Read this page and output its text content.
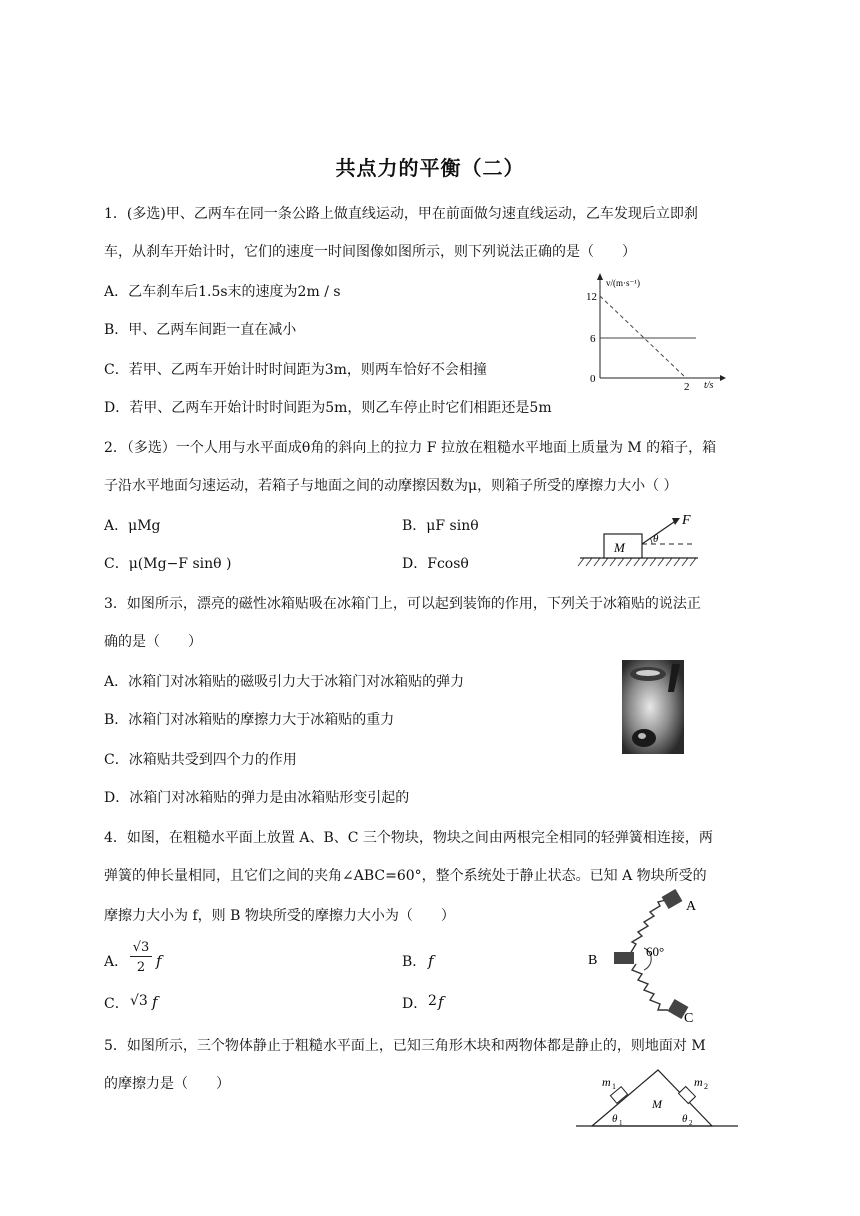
共点力的平衡（二）
1．(多选)甲、乙两车在同一条公路上做直线运动，甲在前面做匀速直线运动，乙车发现后立即刹
车，从刹车开始计时，它们的速度一时间图像如图所示，则下列说法正确的是（　　）
A．乙车刹车后1.5s末的速度为2m / s
B．甲、乙两车间距一直在减小
C．若甲、乙两车开始计时时间距为3m，则两车恰好不会相撞
D．若甲、乙两车开始计时时间距为5m，则乙车停止时它们相距还是5m
v/(m·s⁻¹)
12
6
0
2 t/s
2．（多选）一个人用与水平面成θ角的斜向上的拉力 F 拉放在粗糙水平地面上质量为 M 的箱子，箱
子沿水平地面匀速运动，若箱子与地面之间的动摩擦因数为μ，则箱子所受的摩擦力大小（ ）
A．μMg	B．μF sinθ
C．μ(Mg−F sinθ )	D．Fcosθ
M
F
θ
3．如图所示，漂亮的磁性冰箱贴吸在冰箱门上，可以起到装饰的作用，下列关于冰箱贴的说法正
确的是（　　）
A．冰箱门对冰箱贴的磁吸引力大于冰箱门对冰箱贴的弹力
B．冰箱门对冰箱贴的摩擦力大于冰箱贴的重力
C．冰箱贴共受到四个力的作用
D．冰箱门对冰箱贴的弹力是由冰箱贴形变引起的
4．如图，在粗糙水平面上放置 A、B、C 三个物块，物块之间由两根完全相同的轻弹簧相连接，两
弹簧的伸长量相同，且它们之间的夹角∠ABC=60°，整个系统处于静止状态。已知 A 物块所受的
摩擦力大小为 f，则 B 物块所受的摩擦力大小为（　　）
A．
√3
2 f	B． f
C． √3 f	D． 2 f
A
B
C
60°
5．如图所示，三个物体静止于粗糙水平面上，已知三角形木块和两物体都是静止的，则地面对 M
的摩擦力是（　　）	m 1	m 2
M
θ 1	θ 2
